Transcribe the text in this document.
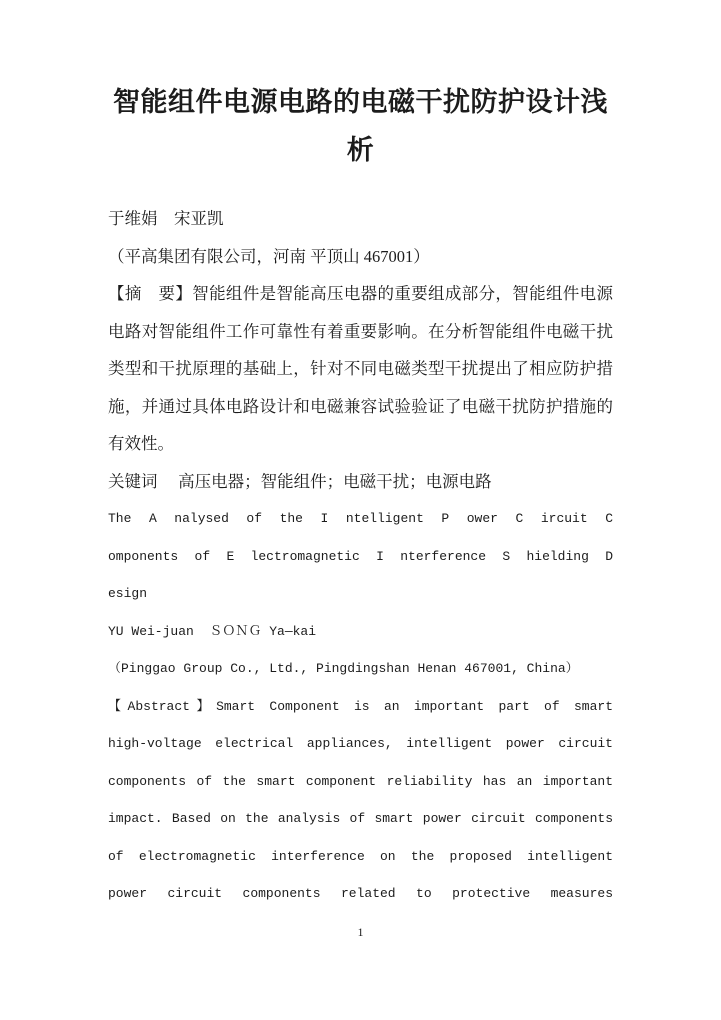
智能组件电源电路的电磁干扰防护设计浅
析
于维娟　宋亚凯
（平高集团有限公司，河南 平顶山 467001）
【摘　要】智能组件是智能高压电器的重要组成部分，智能组件电源
电路对智能组件工作可靠性有着重要影响。在分析智能组件电磁干扰
类型和干扰原理的基础上，针对不同电磁类型干扰提出了相应防护措
施，并通过具体电路设计和电磁兼容试验验证了电磁干扰防护措施的
有效性。
关键词　 高压电器；智能组件；电磁干扰；电源电路
The A nalysed of the I ntelligent P ower C ircuit C
omponents of E lectromagnetic I nterference S hielding D
esign
YU Wei-juan  ＳＯＮＧ Ya—kai
（Pinggao Group Co., Ltd., Pingdingshan Henan 467001, China）
【Abstract】Smart Component is an important part of smart
high-voltage electrical appliances, intelligent power circuit
components of the smart component reliability has an important
impact. Based on the analysis of smart power circuit components
of electromagnetic interference on the proposed intelligent
power circuit components related to protective measures
1
